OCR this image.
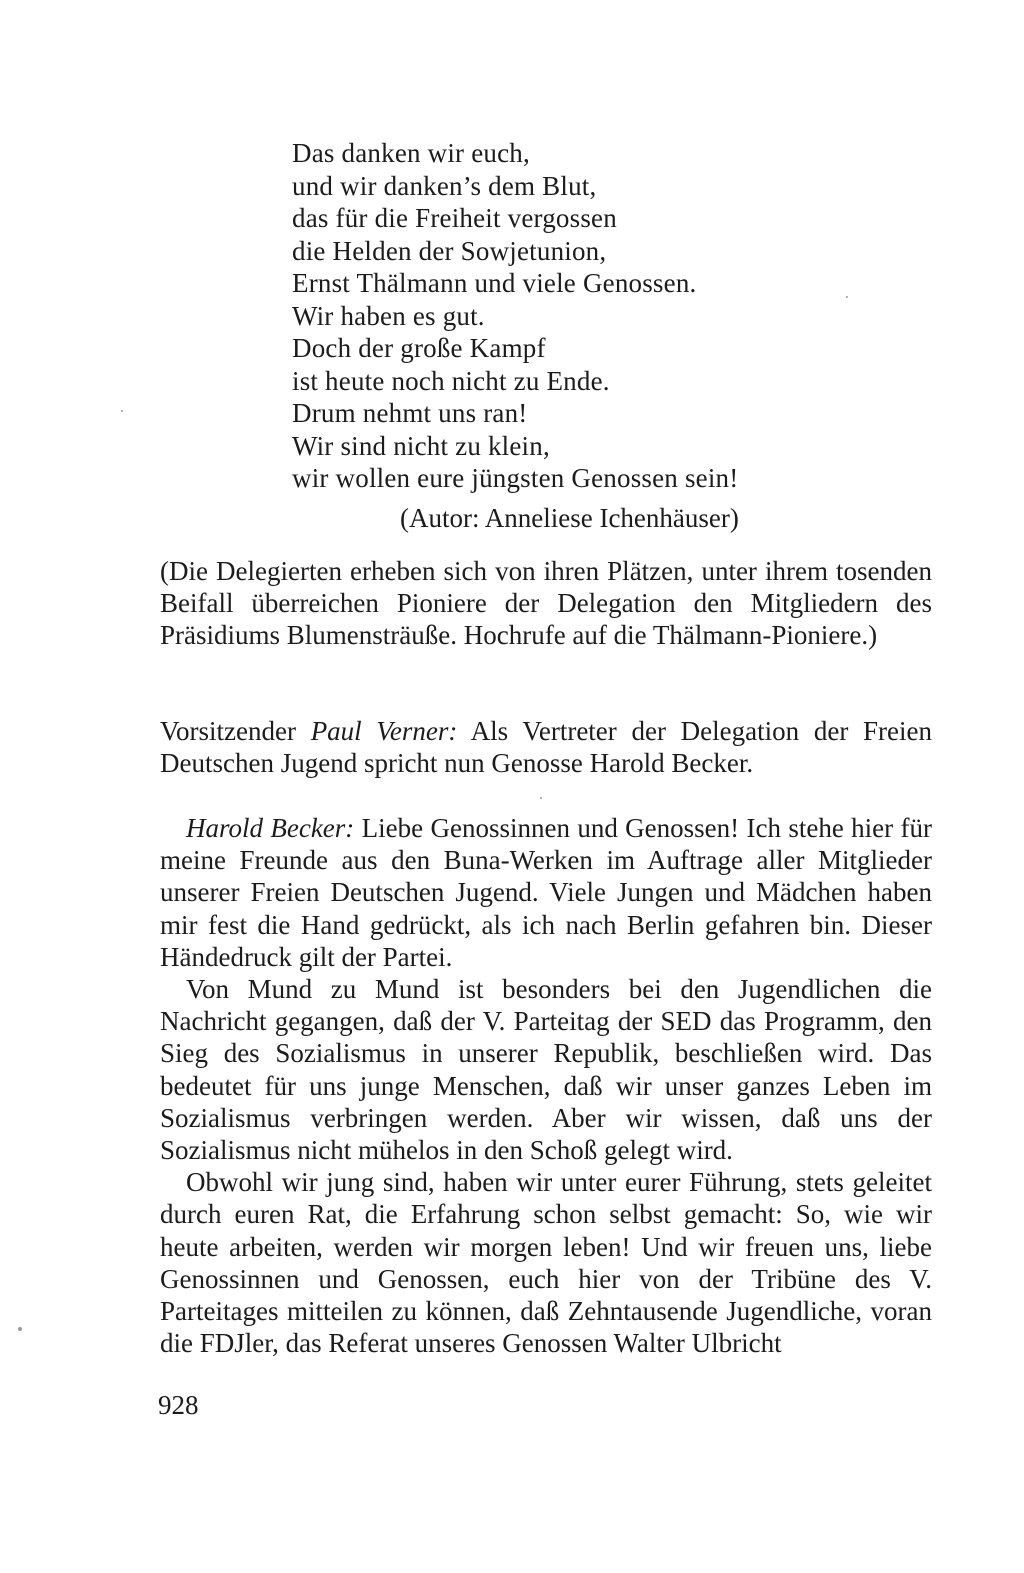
Das danken wir euch,
und wir danken’s dem Blut,
das für die Freiheit vergossen
die Helden der Sowjetunion,
Ernst Thälmann und viele Genossen.
Wir haben es gut.
Doch der große Kampf
ist heute noch nicht zu Ende.
Drum nehmt uns ran!
Wir sind nicht zu klein,
wir wollen eure jüngsten Genossen sein!
(Autor: Anneliese Ichenhäuser)

(Die Delegierten erheben sich von ihren Plätzen, unter ihrem tosenden Beifall überreichen Pioniere der Delegation den Mitgliedern des Präsidiums Blumensträuße. Hochrufe auf die Thälmann-Pioniere.)

Vorsitzender Paul Verner: Als Vertreter der Delegation der Freien Deutschen Jugend spricht nun Genosse Harold Becker.

Harold Becker: Liebe Genossinnen und Genossen! Ich stehe hier für meine Freunde aus den Buna-Werken im Auftrage aller Mitglieder unserer Freien Deutschen Jugend. Viele Jungen und Mädchen haben mir fest die Hand gedrückt, als ich nach Berlin gefahren bin. Dieser Händedruck gilt der Partei.

Von Mund zu Mund ist besonders bei den Jugendlichen die Nachricht gegangen, daß der V. Parteitag der SED das Programm, den Sieg des Sozialismus in unserer Republik, beschließen wird. Das bedeutet für uns junge Menschen, daß wir unser ganzes Leben im Sozialismus verbringen werden. Aber wir wissen, daß uns der Sozialismus nicht mühelos in den Schoß gelegt wird.

Obwohl wir jung sind, haben wir unter eurer Führung, stets geleitet durch euren Rat, die Erfahrung schon selbst gemacht: So, wie wir heute arbeiten, werden wir morgen leben! Und wir freuen uns, liebe Genossinnen und Genossen, euch hier von der Tribüne des V. Parteitages mitteilen zu können, daß Zehntausende Jugendliche, voran die FDJler, das Referat unseres Genossen Walter Ulbricht

928
